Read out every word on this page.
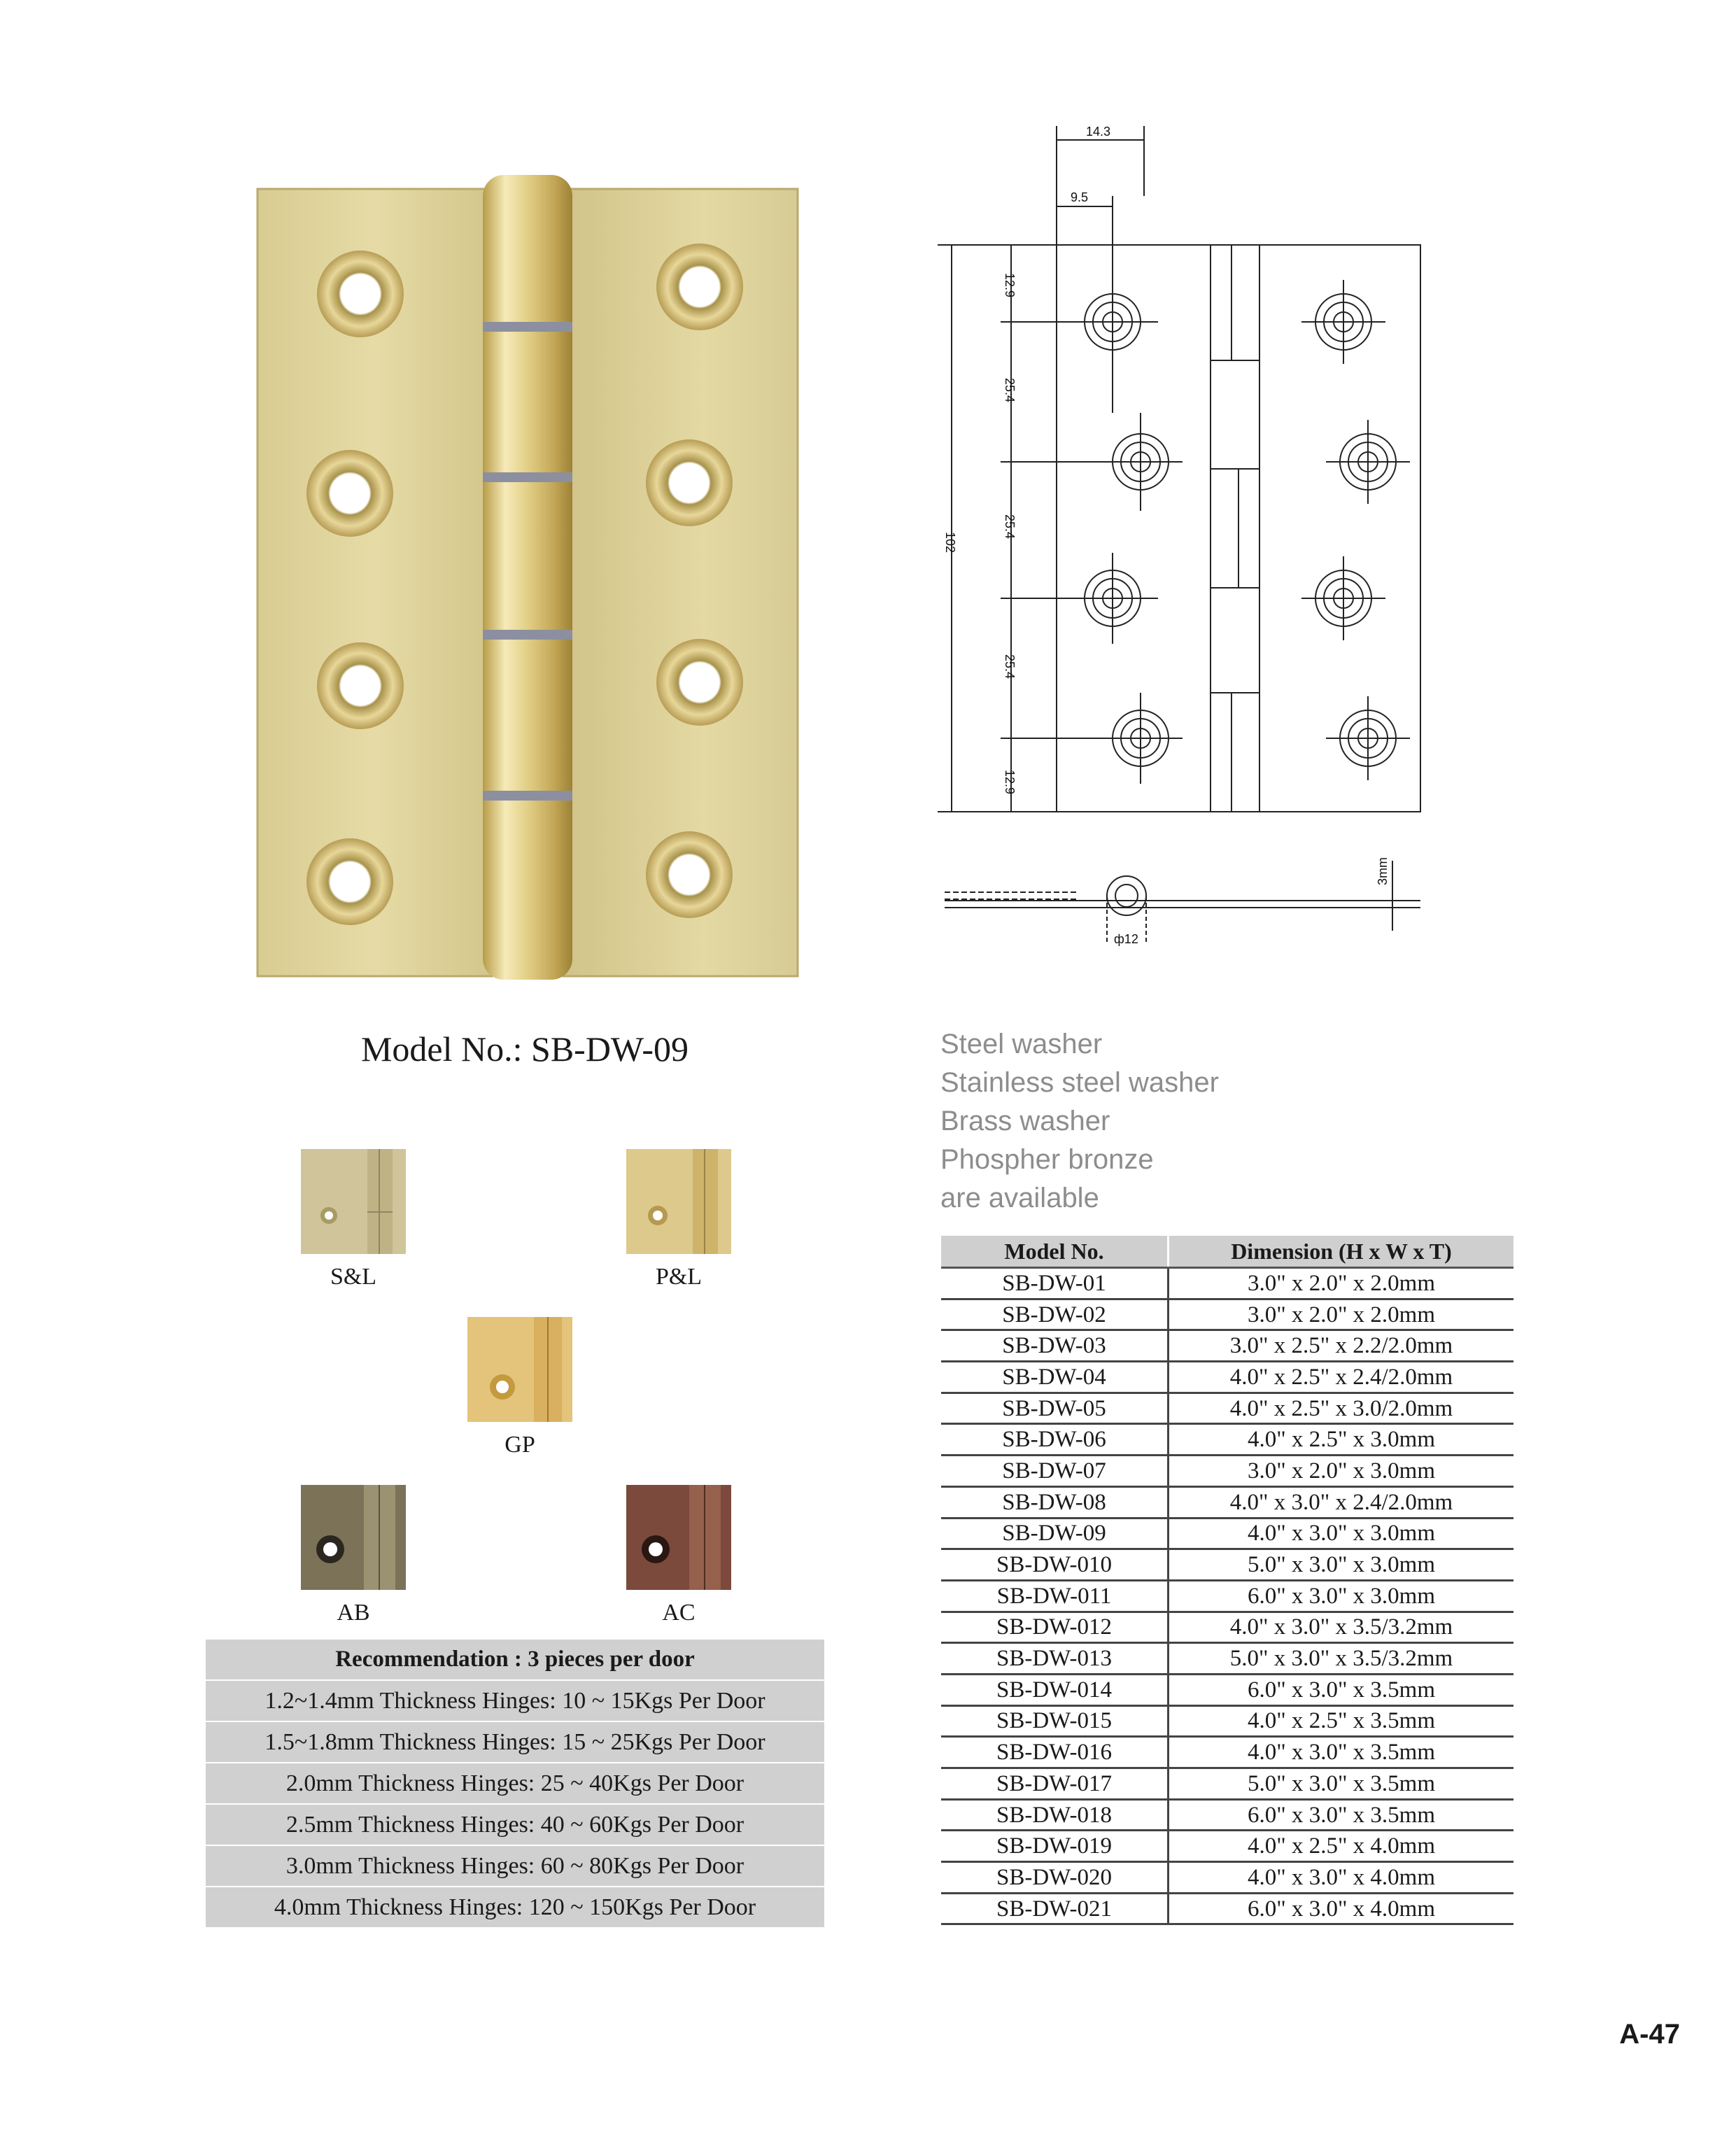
14.3
9.5
102
12.9
25.4
25.4
25.4
12.9
3mm
ф12
Model No.: SB-DW-09	Steel washer
Stainless steel washer
Brass washer
Phospher bronze
are available
S&L	P&L
GP
AB	AC
Recommendation : 3 pieces per door
1.2~1.4mm Thickness Hinges: 10 ~ 15Kgs Per Door
1.5~1.8mm Thickness Hinges: 15 ~ 25Kgs Per Door
2.0mm Thickness Hinges: 25 ~ 40Kgs Per Door
2.5mm Thickness Hinges: 40 ~ 60Kgs Per Door
3.0mm Thickness Hinges: 60 ~ 80Kgs Per Door
4.0mm Thickness Hinges: 120 ~ 150Kgs Per Door
Model No.	Dimension (H x W x T)
SB-DW-01	3.0" x 2.0" x 2.0mm
SB-DW-02	3.0" x 2.0" x 2.0mm
SB-DW-03	3.0" x 2.5" x 2.2/2.0mm
SB-DW-04	4.0" x 2.5" x 2.4/2.0mm
SB-DW-05	4.0" x 2.5" x 3.0/2.0mm
SB-DW-06	4.0" x 2.5" x 3.0mm
SB-DW-07	3.0" x 2.0" x 3.0mm
SB-DW-08	4.0" x 3.0" x 2.4/2.0mm
SB-DW-09	4.0" x 3.0" x 3.0mm
SB-DW-010	5.0" x 3.0" x 3.0mm
SB-DW-011	6.0" x 3.0" x 3.0mm
SB-DW-012	4.0" x 3.0" x 3.5/3.2mm
SB-DW-013	5.0" x 3.0" x 3.5/3.2mm
SB-DW-014	6.0" x 3.0" x 3.5mm
SB-DW-015	4.0" x 2.5" x 3.5mm
SB-DW-016	4.0" x 3.0" x 3.5mm
SB-DW-017	5.0" x 3.0" x 3.5mm
SB-DW-018	6.0" x 3.0" x 3.5mm
SB-DW-019	4.0" x 2.5" x 4.0mm
SB-DW-020	4.0" x 3.0" x 4.0mm
SB-DW-021	6.0" x 3.0" x 4.0mm
A-47
